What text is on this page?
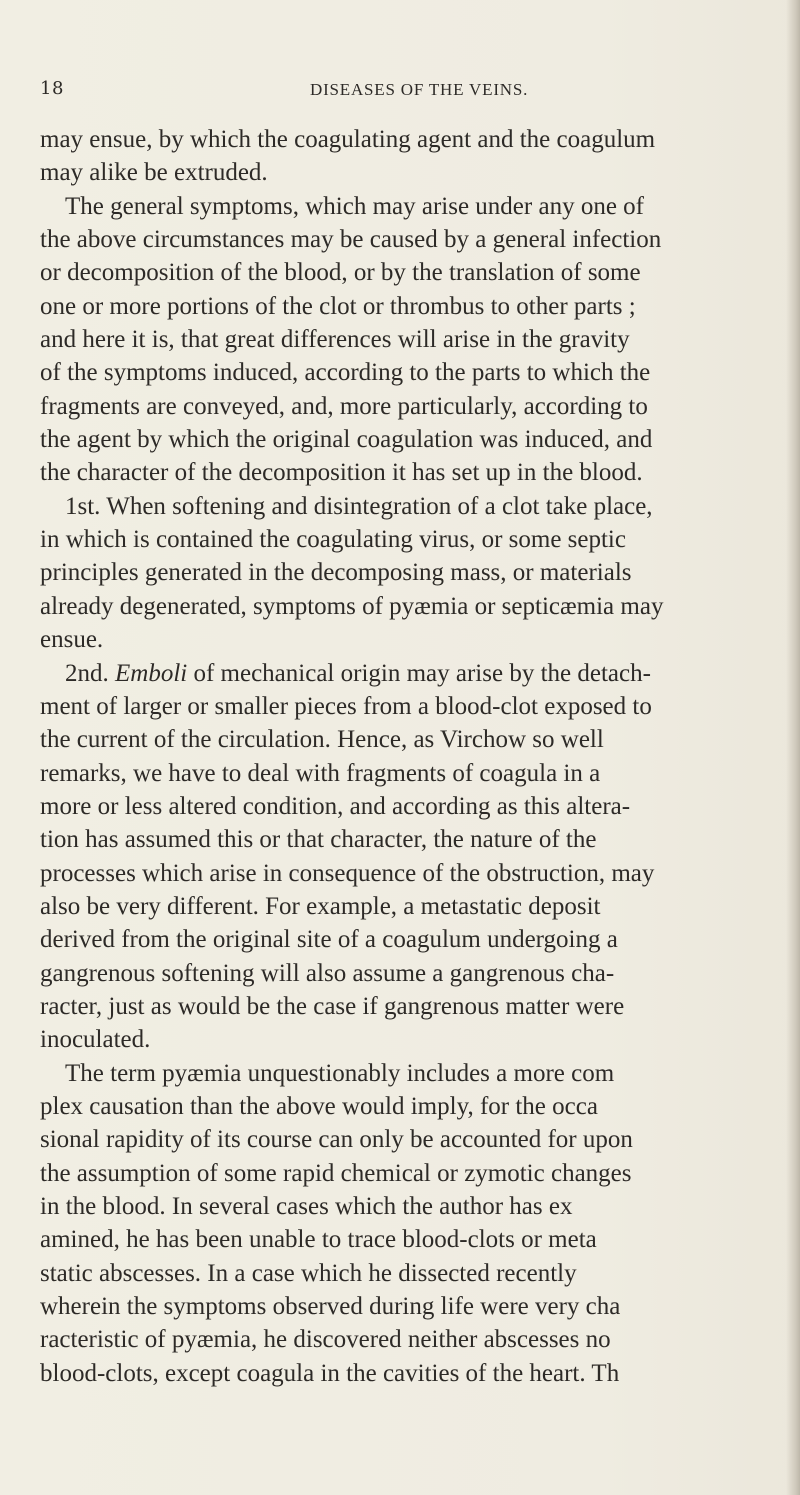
18	DISEASES OF THE VEINS.
may ensue, by which the coagulating agent and the coagulum
may alike be extruded.
The general symptoms, which may arise under any one of
the above circumstances may be caused by a general infection
or decomposition of the blood, or by the translation of some
one or more portions of the clot or thrombus to other parts ;
and here it is, that great differences will arise in the gravity
of the symptoms induced, according to the parts to which the
fragments are conveyed, and, more particularly, according to
the agent by which the original coagulation was induced, and
the character of the decomposition it has set up in the blood.
1st. When softening and disintegration of a clot take place,
in which is contained the coagulating virus, or some septic
principles generated in the decomposing mass, or materials
already degenerated, symptoms of pyæmia or septicæmia may
ensue.
2nd. Emboli of mechanical origin may arise by the detach-
ment of larger or smaller pieces from a blood-clot exposed to
the current of the circulation. Hence, as Virchow so well
remarks, we have to deal with fragments of coagula in a
more or less altered condition, and according as this altera-
tion has assumed this or that character, the nature of the
processes which arise in consequence of the obstruction, may
also be very different. For example, a metastatic deposit
derived from the original site of a coagulum undergoing a
gangrenous softening will also assume a gangrenous cha-
racter, just as would be the case if gangrenous matter were
inoculated.
The term pyæmia unquestionably includes a more com
plex causation than the above would imply, for the occa
sional rapidity of its course can only be accounted for upon
the assumption of some rapid chemical or zymotic changes
in the blood. In several cases which the author has ex
amined, he has been unable to trace blood-clots or meta
static abscesses. In a case which he dissected recently
wherein the symptoms observed during life were very cha
racteristic of pyæmia, he discovered neither abscesses no
blood-clots, except coagula in the cavities of the heart. Th
